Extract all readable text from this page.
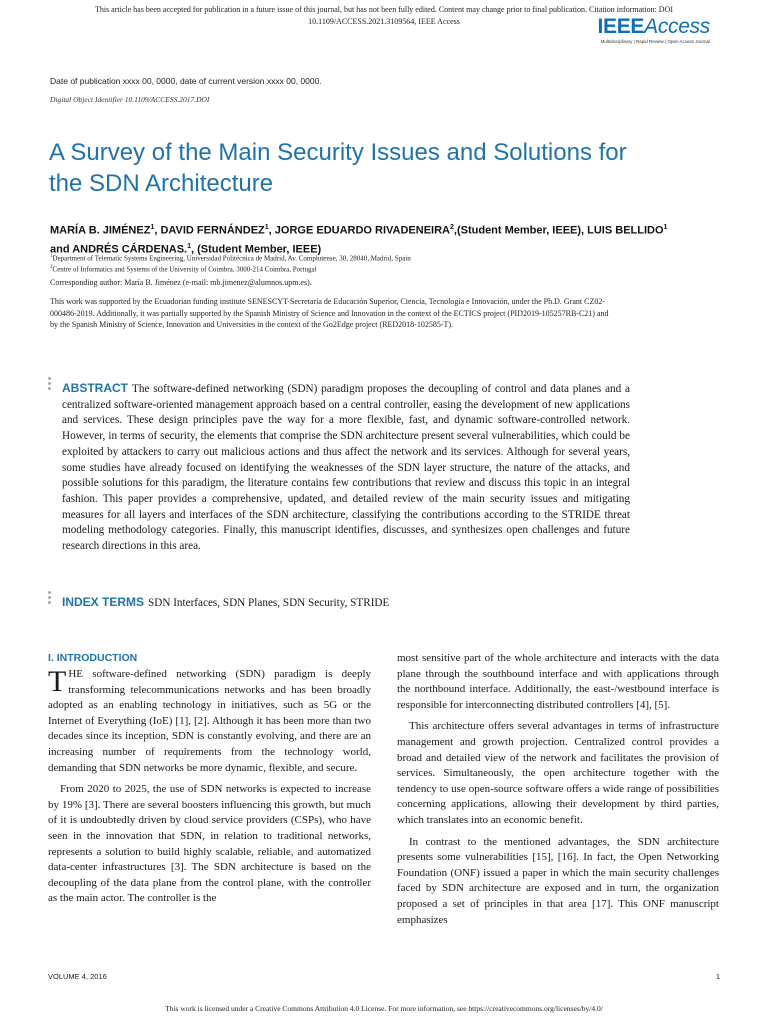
This article has been accepted for publication in a future issue of this journal, but has not been fully edited. Content may change prior to final publication. Citation information: DOI
10.1109/ACCESS.2021.3109564, IEEE Access	IEEEAccess
Multidisciplinary | Rapid Review | Open Access Journal
Date of publication xxxx 00, 0000, date of current version xxxx 00, 0000.
Digital Object Identifier 10.1109/ACCESS.2017.DOI
A Survey of the Main Security Issues and Solutions for the SDN Architecture
MARÍA B. JIMÉNEZ$^1$, DAVID FERNÁNDEZ$^1$, JORGE EDUARDO RIVADENEIRA$^2$,(Student Member, IEEE), LUIS BELLIDO$^1$ and ANDRÉS CÁRDENAS.$^1$, (Student Member, IEEE)
$^1$Department of Telematic Systems Engineering, Universidad Politécnica de Madrid, Av. Complutense, 30, 28040, Madrid, Spain
$^2$Centre of Informatics and Systems of the University of Coimbra, 3000-214 Coimbra, Portugal
Corresponding author: María B. Jiménez (e-mail: mb.jimenez@alumnos.upm.es).
This work was supported by the Ecuadorian funding institute SENESCYT-Secretaría de Educación Superior, Ciencia, Tecnología e Innovación, under the Ph.D. Grant CZ02-000486-2019. Additionally, it was partially supported by the Spanish Ministry of Science and Innovation in the context of the ECTICS project (PID2019-105257RB-C21) and by the Spanish Ministry of Science, Innovation and Universities in the context of the Go2Edge project (RED2018-102585-T).
ABSTRACT The software-defined networking (SDN) paradigm proposes the decoupling of control and data planes and a centralized software-oriented management approach based on a central controller, easing the development of new applications and services. These design principles pave the way for a more flexible, fast, and dynamic software-controlled network. However, in terms of security, the elements that comprise the SDN architecture present several vulnerabilities, which could be exploited by attackers to carry out malicious actions and thus affect the network and its services. Although for several years, some studies have already focused on identifying the weaknesses of the SDN layer structure, the nature of the attacks, and possible solutions for this paradigm, the literature contains few contributions that review and discuss this topic in an integral fashion. This paper provides a comprehensive, updated, and detailed review of the main security issues and mitigating measures for all layers and interfaces of the SDN architecture, classifying the contributions according to the STRIDE threat modeling methodology categories. Finally, this manuscript identifies, discusses, and synthesizes open challenges and future research directions in this area.
INDEX TERMS SDN Interfaces, SDN Planes, SDN Security, STRIDE
I. INTRODUCTION

THE software-defined networking (SDN) paradigm is deeply transforming telecommunications networks and has been broadly adopted as an enabling technology in initiatives, such as 5G or the Internet of Everything (IoE) [1], [2]. Although it has been more than two decades since its inception, SDN is constantly evolving, and there are an increasing number of requirements from the technology world, demanding that SDN networks be more dynamic, flexible, and secure.

From 2020 to 2025, the use of SDN networks is expected to increase by 19% [3]. There are several boosters influencing this growth, but much of it is undoubtedly driven by cloud service providers (CSPs), who have seen in the innovation that SDN, in relation to traditional networks, represents a solution to build highly scalable, reliable, and automatized data-center infrastructures [3]. The SDN architecture is based on the decoupling of the data plane from the control plane, with the controller as the main actor. The controller is the

most sensitive part of the whole architecture and interacts with the data plane through the southbound interface and with applications through the northbound interface. Additionally, the east-/westbound interface is responsible for interconnecting distributed controllers [4], [5].

This architecture offers several advantages in terms of infrastructure management and growth projection. Centralized control provides a broad and detailed view of the network and facilitates the provision of services. Simultaneously, the open architecture together with the tendency to use open-source software offers a wide range of possibilities concerning applications, allowing their development by third parties, which translates into an economic benefit.

In contrast to the mentioned advantages, the SDN architecture presents some vulnerabilities [15], [16]. In fact, the Open Networking Foundation (ONF) issued a paper in which the main security challenges faced by SDN architecture are exposed and in turn, the organization proposed a set of principles in that area [17]. This ONF manuscript emphasizes

VOLUME 4, 2016	1
This work is licensed under a Creative Commons Attribution 4.0 License. For more information, see https://creativecommons.org/licenses/by/4.0/
